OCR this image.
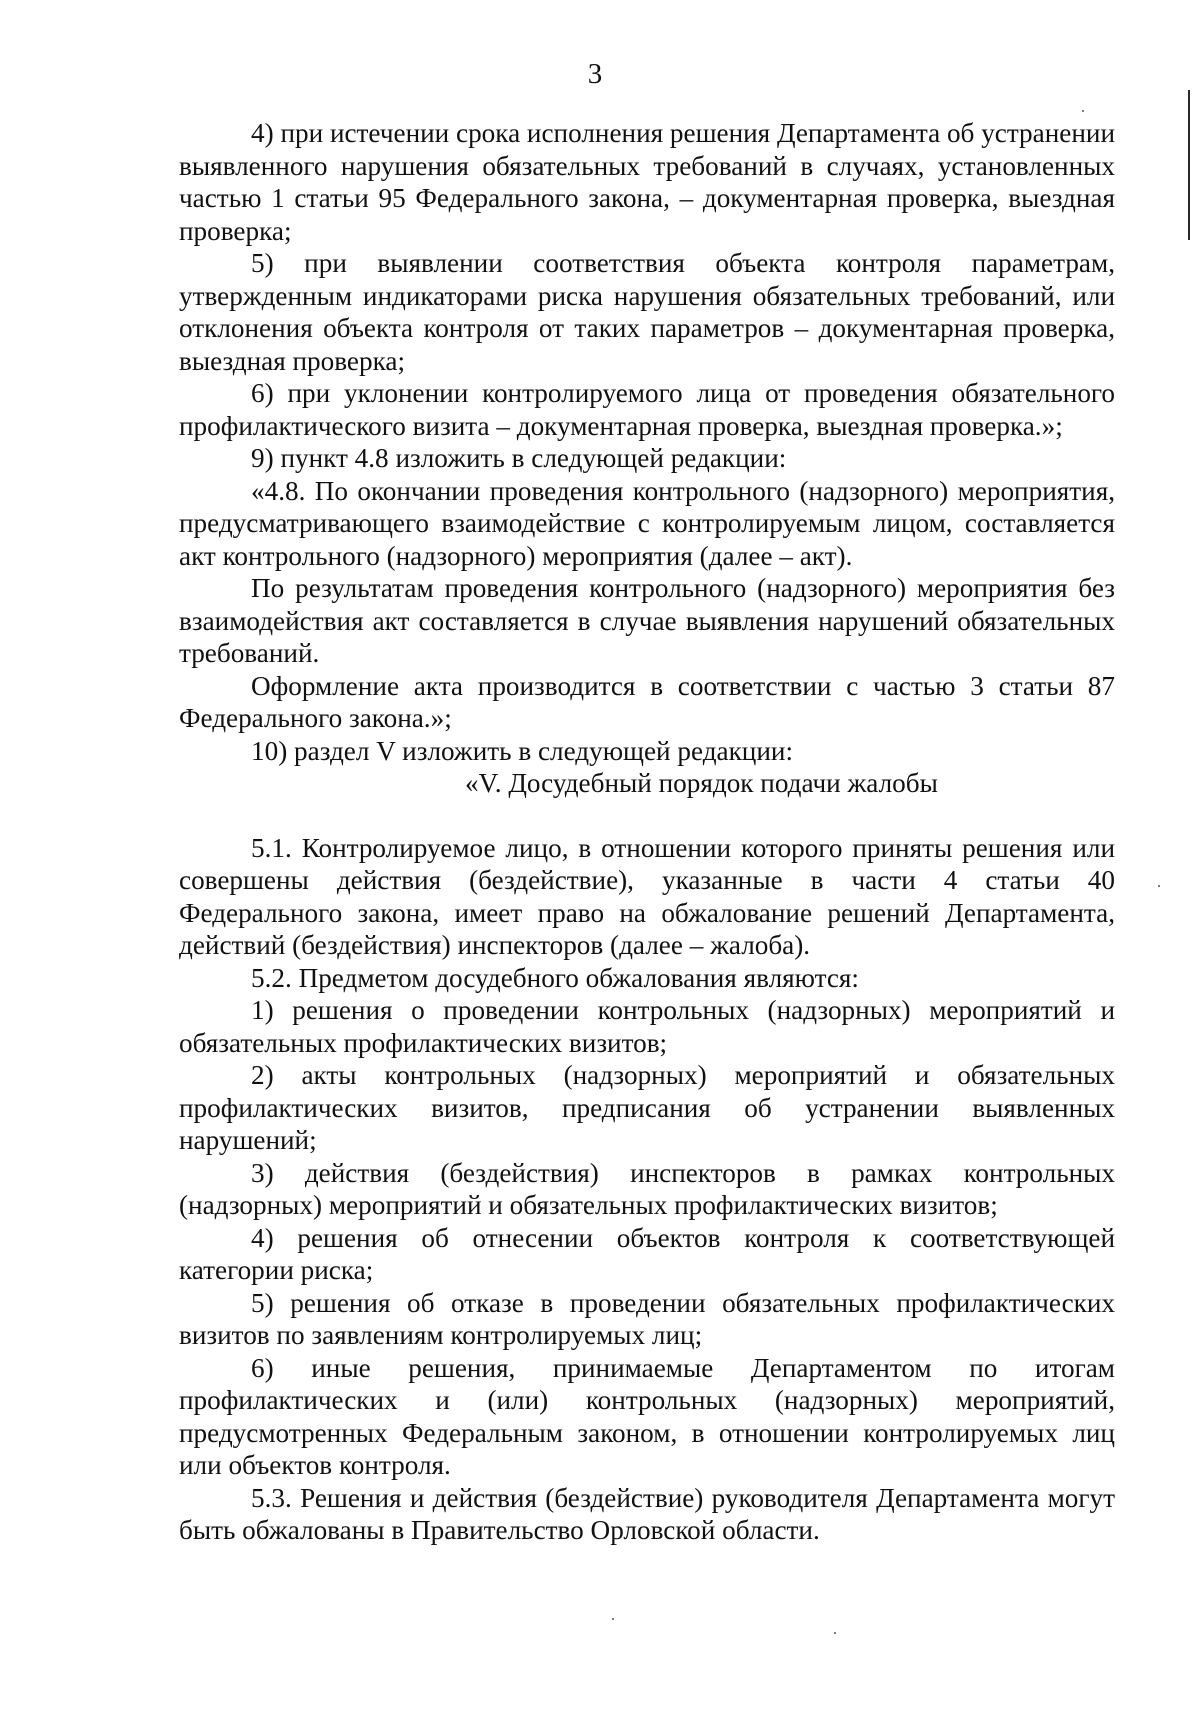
3

4) при истечении срока исполнения решения Департамента об устранении выявленного нарушения обязательных требований в случаях, установленных частью 1 статьи 95 Федерального закона, – документарная проверка, выездная проверка;

5) при выявлении соответствия объекта контроля параметрам, утвержденным индикаторами риска нарушения обязательных требований, или отклонения объекта контроля от таких параметров – документарная проверка, выездная проверка;

6) при уклонении контролируемого лица от проведения обязательного профилактического визита – документарная проверка, выездная проверка.»;

9) пункт 4.8 изложить в следующей редакции:

«4.8. По окончании проведения контрольного (надзорного) мероприятия, предусматривающего взаимодействие с контролируемым лицом, составляется акт контрольного (надзорного) мероприятия (далее – акт).

По результатам проведения контрольного (надзорного) мероприятия без взаимодействия акт составляется в случае выявления нарушений обязательных требований.

Оформление акта производится в соответствии с частью 3 статьи 87 Федерального закона.»;

10) раздел V изложить в следующей редакции:

«V. Досудебный порядок подачи жалобы

5.1. Контролируемое лицо, в отношении которого приняты решения или совершены действия (бездействие), указанные в части 4 статьи 40 Федерального закона, имеет право на обжалование решений Департамента, действий (бездействия) инспекторов (далее – жалоба).

5.2. Предметом досудебного обжалования являются:

1) решения о проведении контрольных (надзорных) мероприятий и обязательных профилактических визитов;

2) акты контрольных (надзорных) мероприятий и обязательных профилактических визитов, предписания об устранении выявленных нарушений;

3) действия (бездействия) инспекторов в рамках контрольных (надзорных) мероприятий и обязательных профилактических визитов;

4) решения об отнесении объектов контроля к соответствующей категории риска;

5) решения об отказе в проведении обязательных профилактических визитов по заявлениям контролируемых лиц;

6) иные решения, принимаемые Департаментом по итогам профилактических и (или) контрольных (надзорных) мероприятий, предусмотренных Федеральным законом, в отношении контролируемых лиц или объектов контроля.

5.3. Решения и действия (бездействие) руководителя Департамента могут быть обжалованы в Правительство Орловской области.
